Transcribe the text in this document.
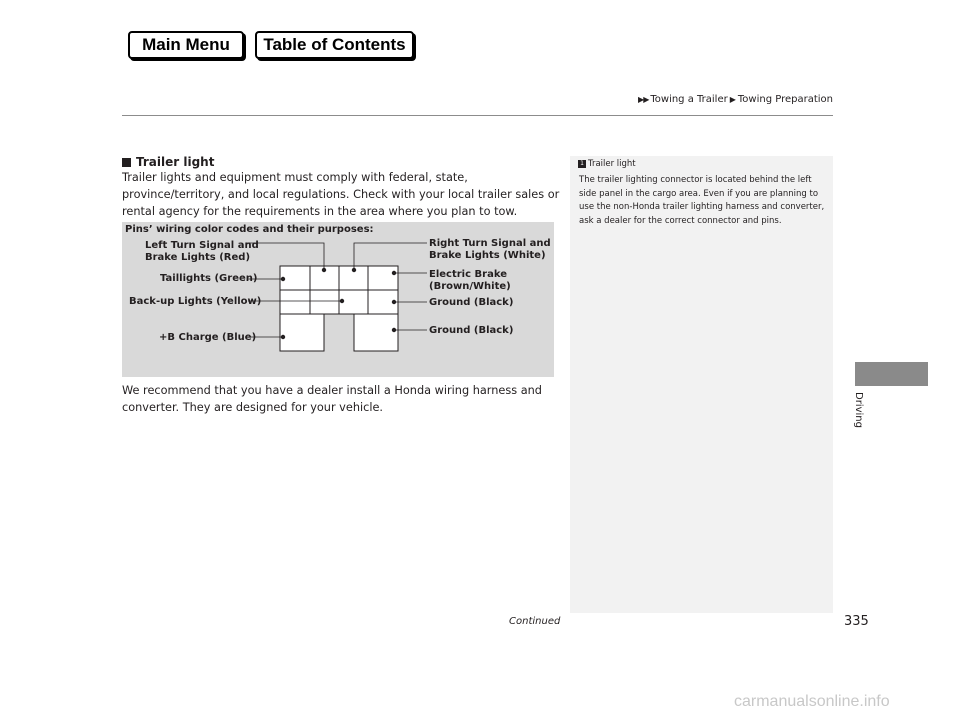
Main Menu	Table of Contents
▶▶ Towing a Trailer ▶ Towing Preparation
Trailer light

Trailer lights and equipment must comply with federal, state, province/territory, and local regulations. Check with your local trailer sales or rental agency for the requirements in the area where you plan to tow.

Pins’ wiring color codes and their purposes:
Left Turn Signal and
Brake Lights (Red)
Taillights (Green)
Back-up Lights (Yellow)
+B Charge (Blue)
Right Turn Signal and
Brake Lights (White)
Electric Brake
(Brown/White)
Ground (Black)
Ground (Black)

We recommend that you have a dealer install a Honda wiring harness and converter. They are designed for your vehicle.

1 Trailer light

The trailer lighting connector is located behind the left side panel in the cargo area. Even if you are planning to use the non-Honda trailer lighting harness and converter, ask a dealer for the correct connector and pins.

Driving
Continued	335
carmanualsonline.info
